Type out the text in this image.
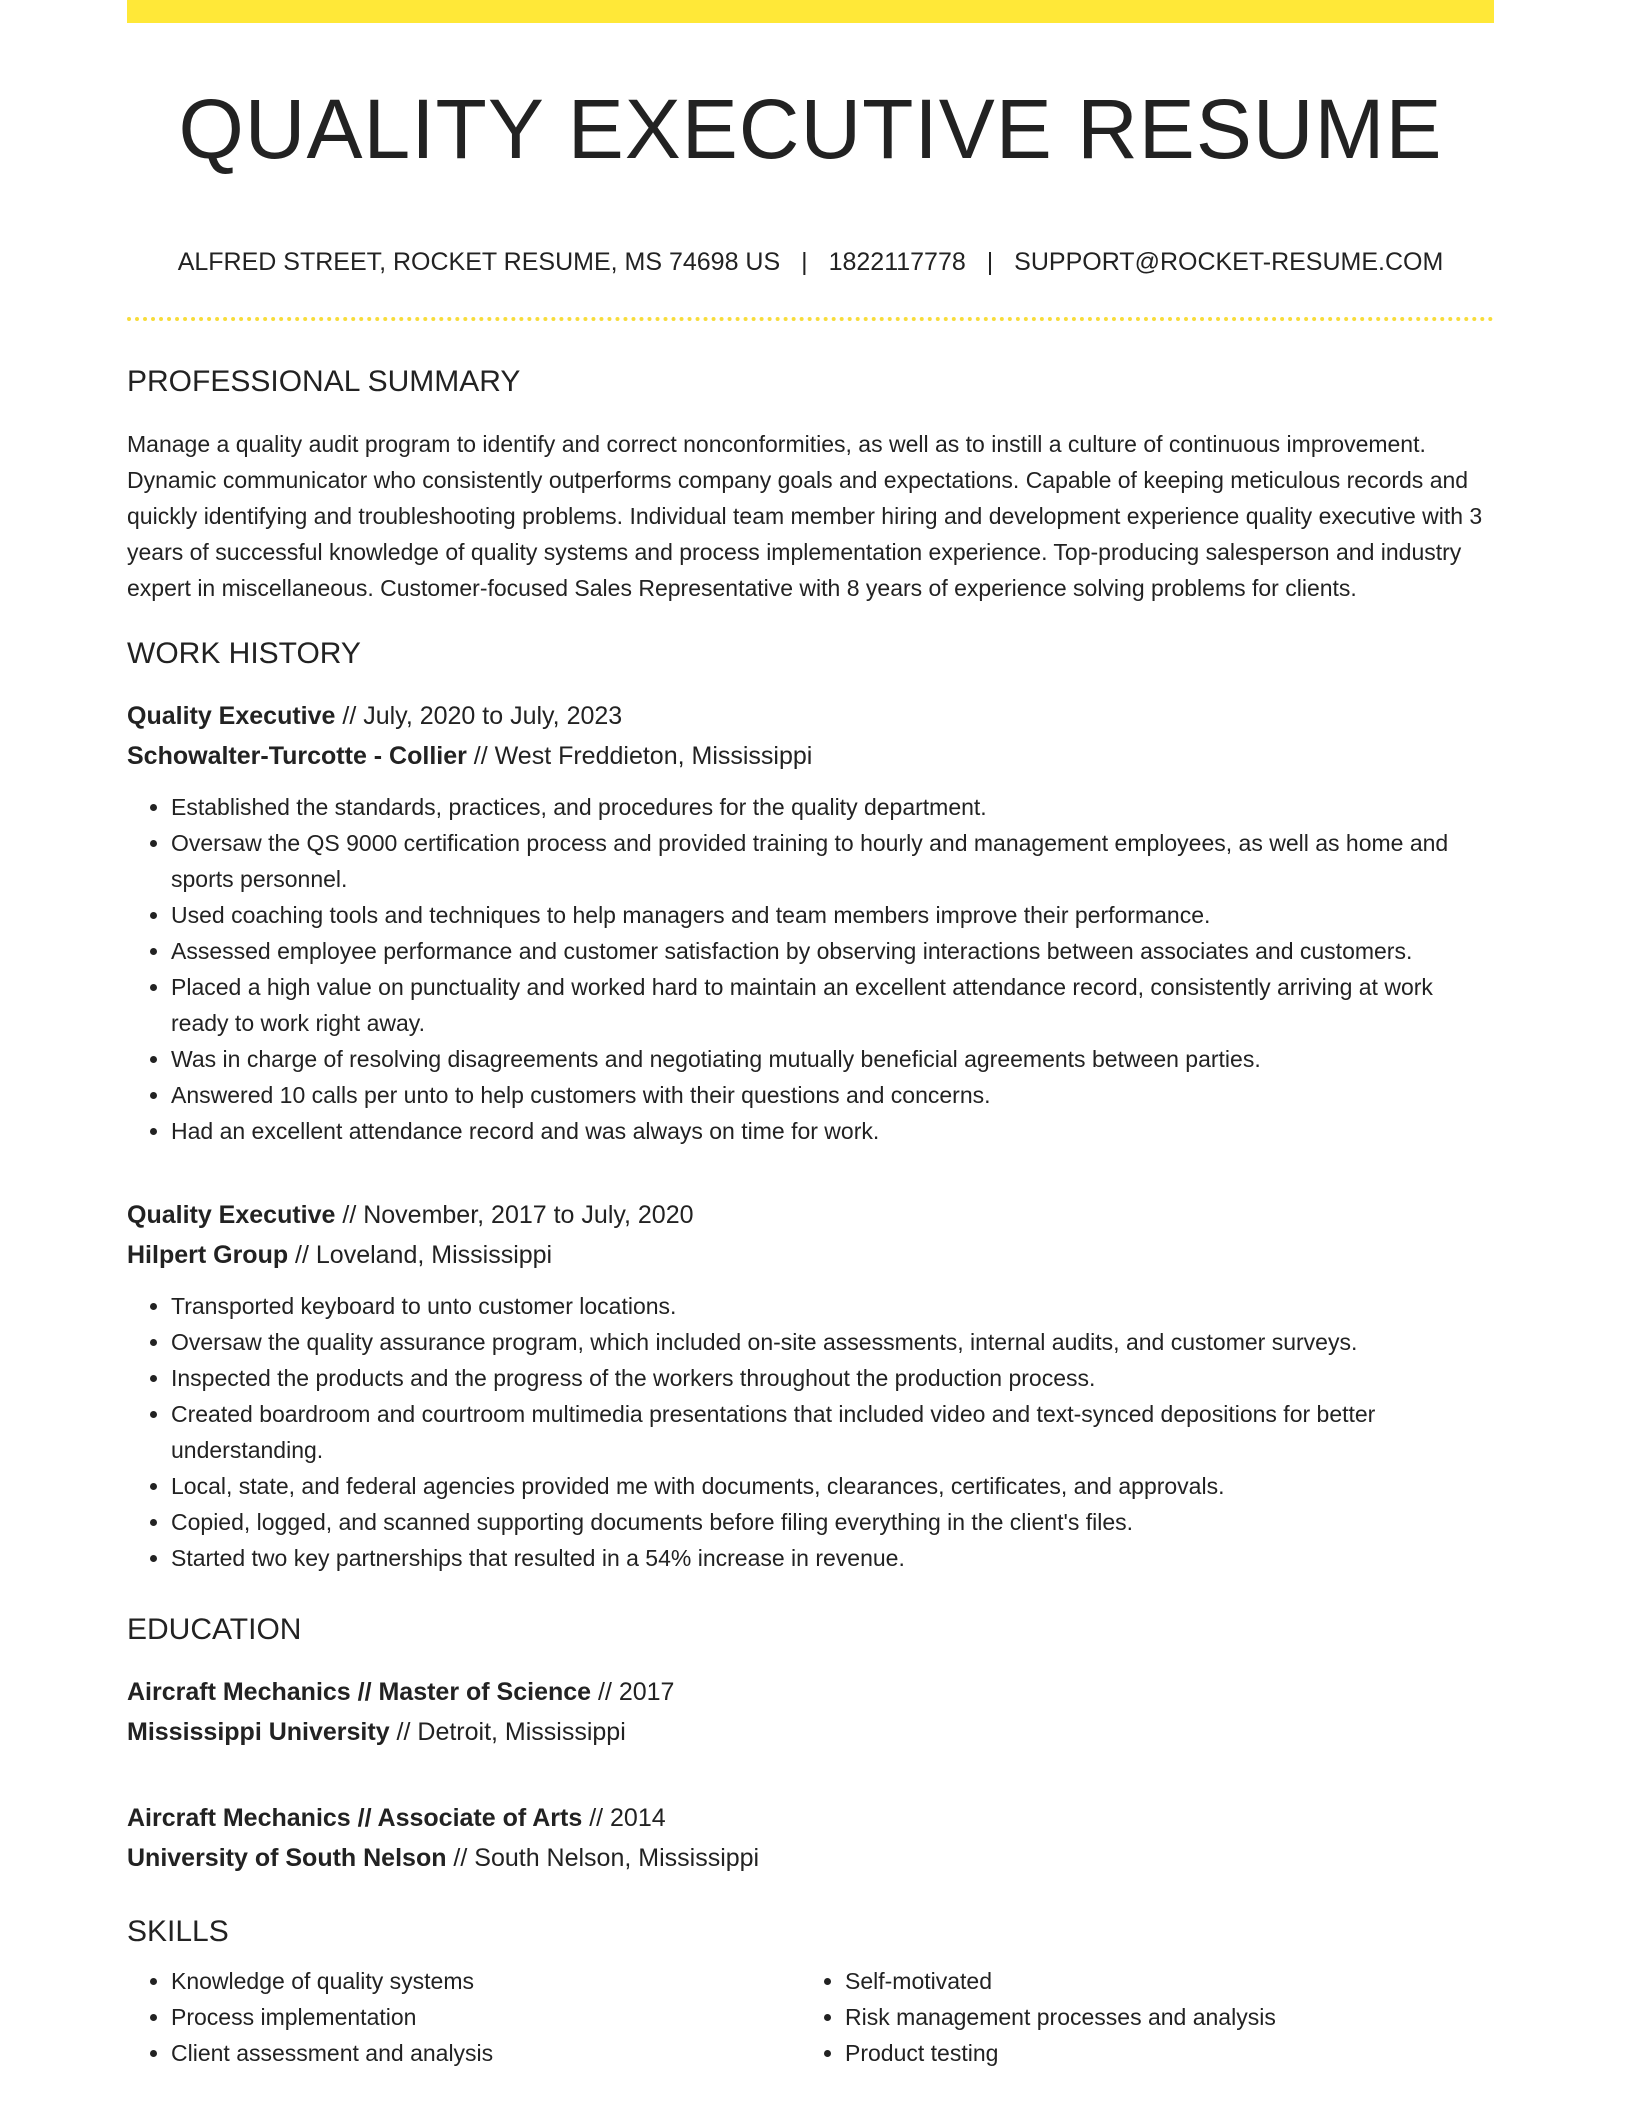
QUALITY EXECUTIVE RESUME
ALFRED STREET, ROCKET RESUME, MS 74698 US | 1822117778 | SUPPORT@ROCKET-RESUME.COM
PROFESSIONAL SUMMARY

Manage a quality audit program to identify and correct nonconformities, as well as to instill a culture of continuous improvement. Dynamic communicator who consistently outperforms company goals and expectations. Capable of keeping meticulous records and quickly identifying and troubleshooting problems. Individual team member hiring and development experience quality executive with 3 years of successful knowledge of quality systems and process implementation experience. Top-producing salesperson and industry expert in miscellaneous. Customer-focused Sales Representative with 8 years of experience solving problems for clients.

WORK HISTORY
Quality Executive // July, 2020 to July, 2023
Schowalter-Turcotte - Collier // West Freddieton, Mississippi
• Established the standards, practices, and procedures for the quality department.
• Oversaw the QS 9000 certification process and provided training to hourly and management employees, as well as home and sports personnel.
• Used coaching tools and techniques to help managers and team members improve their performance.
• Assessed employee performance and customer satisfaction by observing interactions between associates and customers.
• Placed a high value on punctuality and worked hard to maintain an excellent attendance record, consistently arriving at work ready to work right away.
• Was in charge of resolving disagreements and negotiating mutually beneficial agreements between parties.
• Answered 10 calls per unto to help customers with their questions and concerns.
• Had an excellent attendance record and was always on time for work.
Quality Executive // November, 2017 to July, 2020
Hilpert Group // Loveland, Mississippi
• Transported keyboard to unto customer locations.
• Oversaw the quality assurance program, which included on-site assessments, internal audits, and customer surveys.
• Inspected the products and the progress of the workers throughout the production process.
• Created boardroom and courtroom multimedia presentations that included video and text-synced depositions for better understanding.
• Local, state, and federal agencies provided me with documents, clearances, certificates, and approvals.
• Copied, logged, and scanned supporting documents before filing everything in the client's files.
• Started two key partnerships that resulted in a 54% increase in revenue.
EDUCATION
Aircraft Mechanics // Master of Science // 2017
Mississippi University // Detroit, Mississippi
Aircraft Mechanics // Associate of Arts // 2014
University of South Nelson // South Nelson, Mississippi
SKILLS
• Knowledge of quality systems
• Process implementation
• Client assessment and analysis
• Self-motivated
• Risk management processes and analysis
• Product testing
